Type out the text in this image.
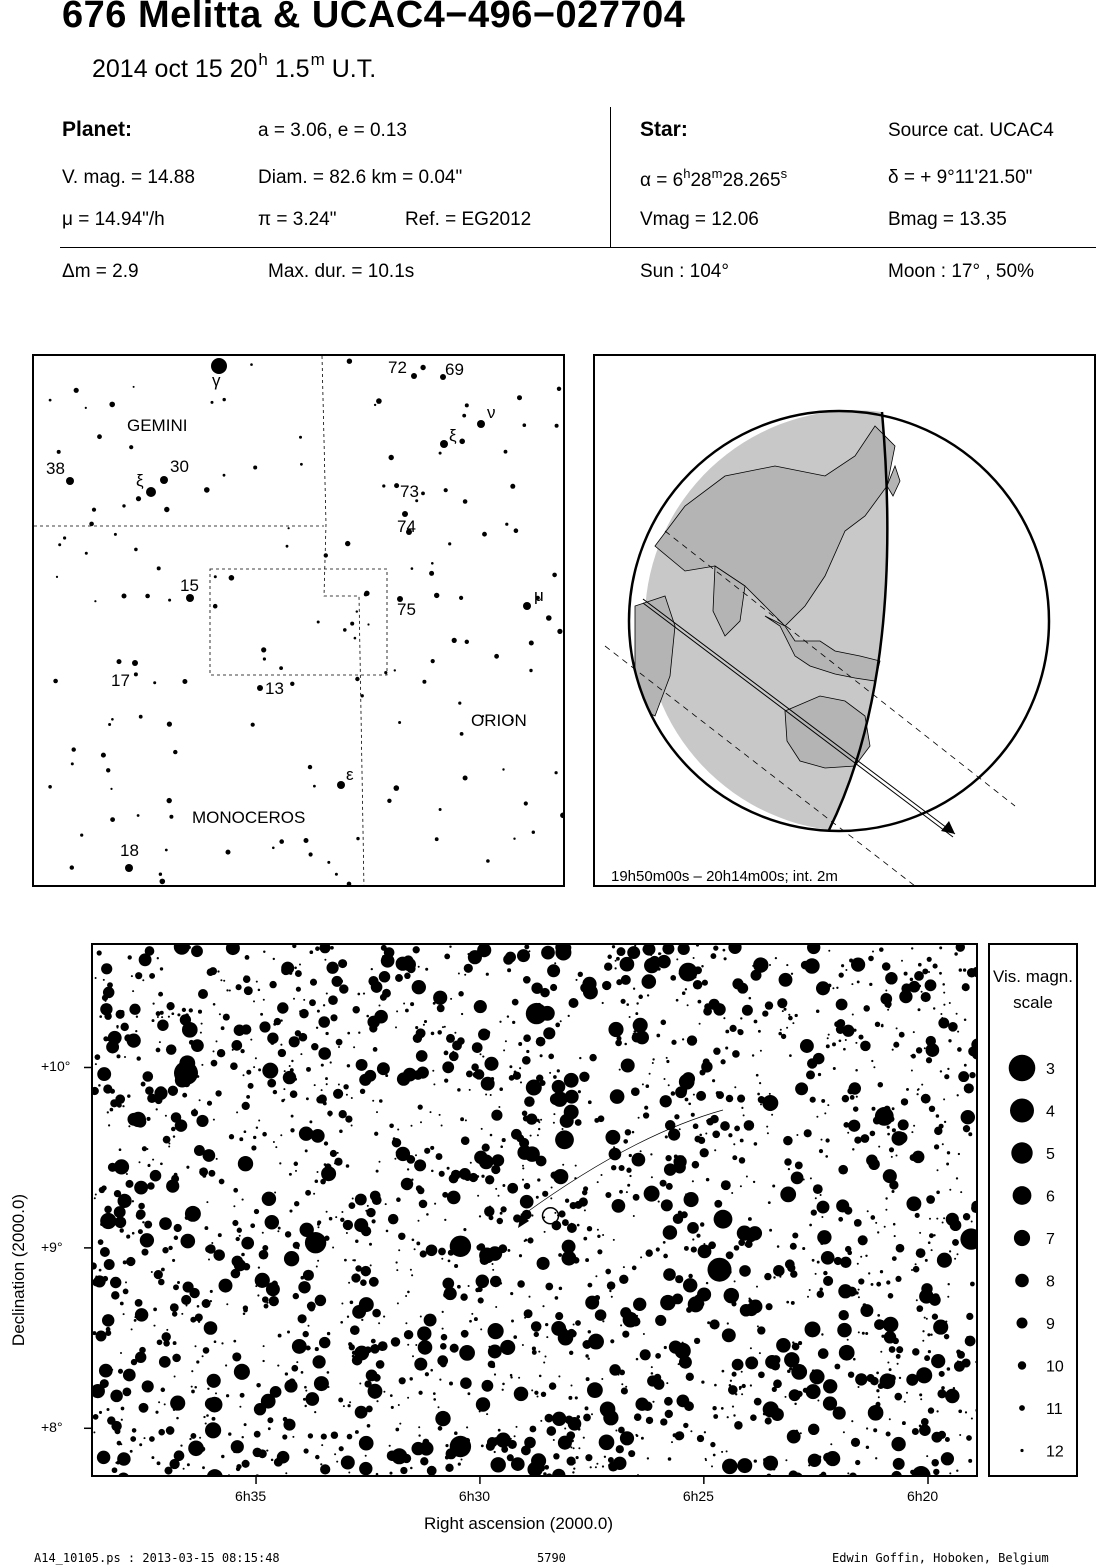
676 Melitta & UCAC4−496−027704
2014 oct 15 20$^h$ 1.5$^m$ U.T.
Planet:	a = 3.06, e = 0.13
V. mag. = 14.88	Diam. = 82.6 km = 0.04"
μ = 14.94"/h	π = 3.24"	Ref. = EG2012
Star:	Source cat. UCAC4
$\alpha = 6^h28^m28.265^s$	δ = + 9°11'21.50"
Vmag = 12.06	Bmag = 13.35
Δm = 2.9	Max. dur. = 10.1s	Sun : 104°	Moon : 17° , 50%
GEMINI
MONOCEROS
ORION
γ
72 69
ν
ξ
38
ξ
30
73
74
15
75
μ
17	13
ε
18
19h50m00s – 20h14m00s; int. 2m
6h35	6h30	6h25	6h20
+10°
+9°
+8°
Right ascension (2000.0)
Declination (2000.0)
Vis. magn. scale
3
4
5
6
7
8
9
10
11
12
A14_10105.ps : 2013-03-15 08:15:48	5790	Edwin Goffin, Hoboken, Belgium
